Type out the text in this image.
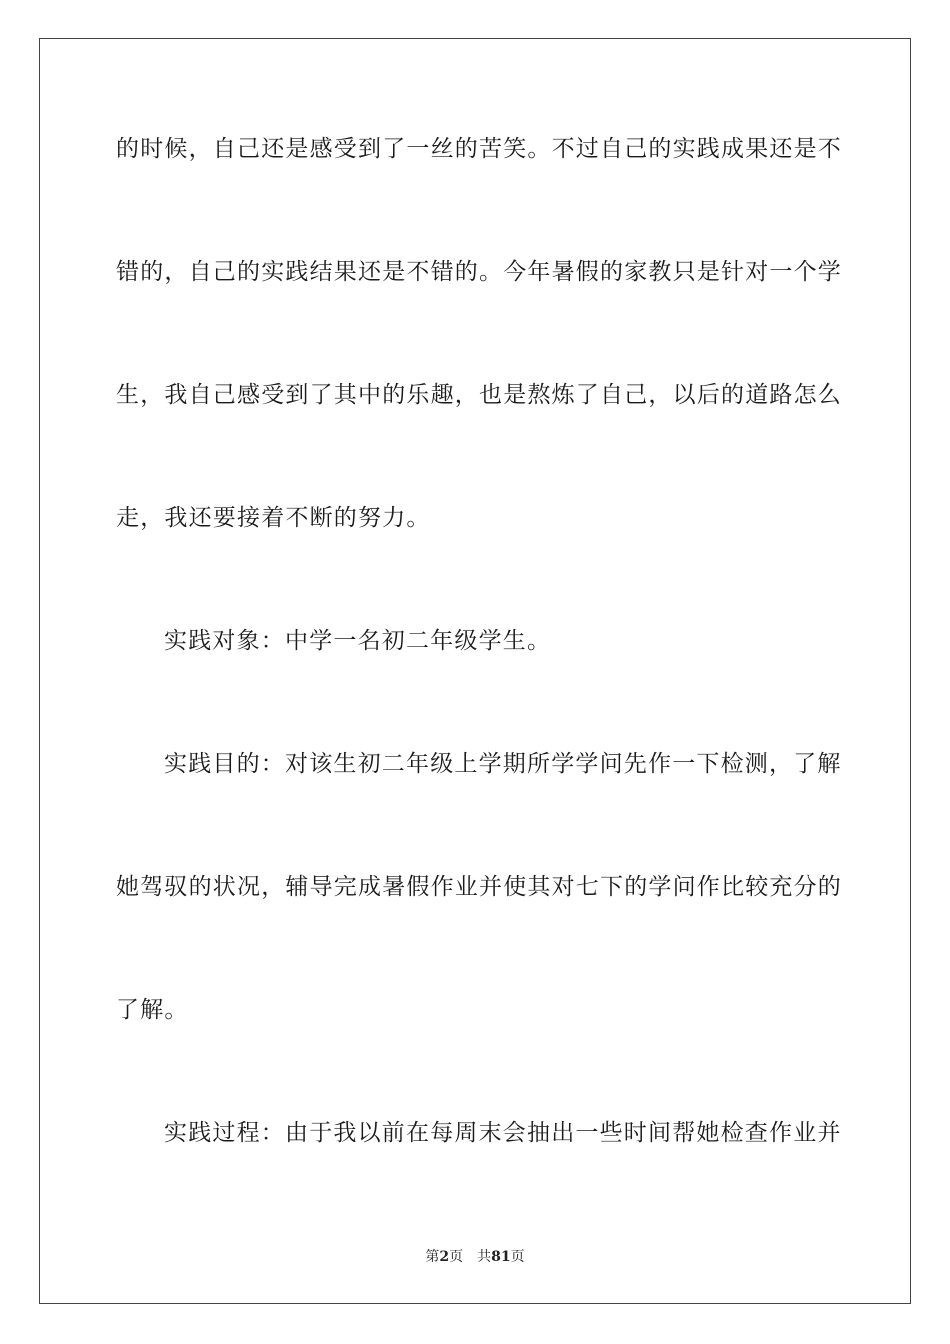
的时候，自己还是感受到了一丝的苦笑。不过自己的实践成果还是不
错的，自己的实践结果还是不错的。今年暑假的家教只是针对一个学
生，我自己感受到了其中的乐趣，也是熬炼了自己，以后的道路怎么
走，我还要接着不断的努力。
实践对象：中学一名初二年级学生。
实践目的：对该生初二年级上学期所学学问先作一下检测，了解
她驾驭的状况，辅导完成暑假作业并使其对七下的学问作比较充分的
了解。
实践过程：由于我以前在每周末会抽出一些时间帮她检查作业并
第2页 共81页
